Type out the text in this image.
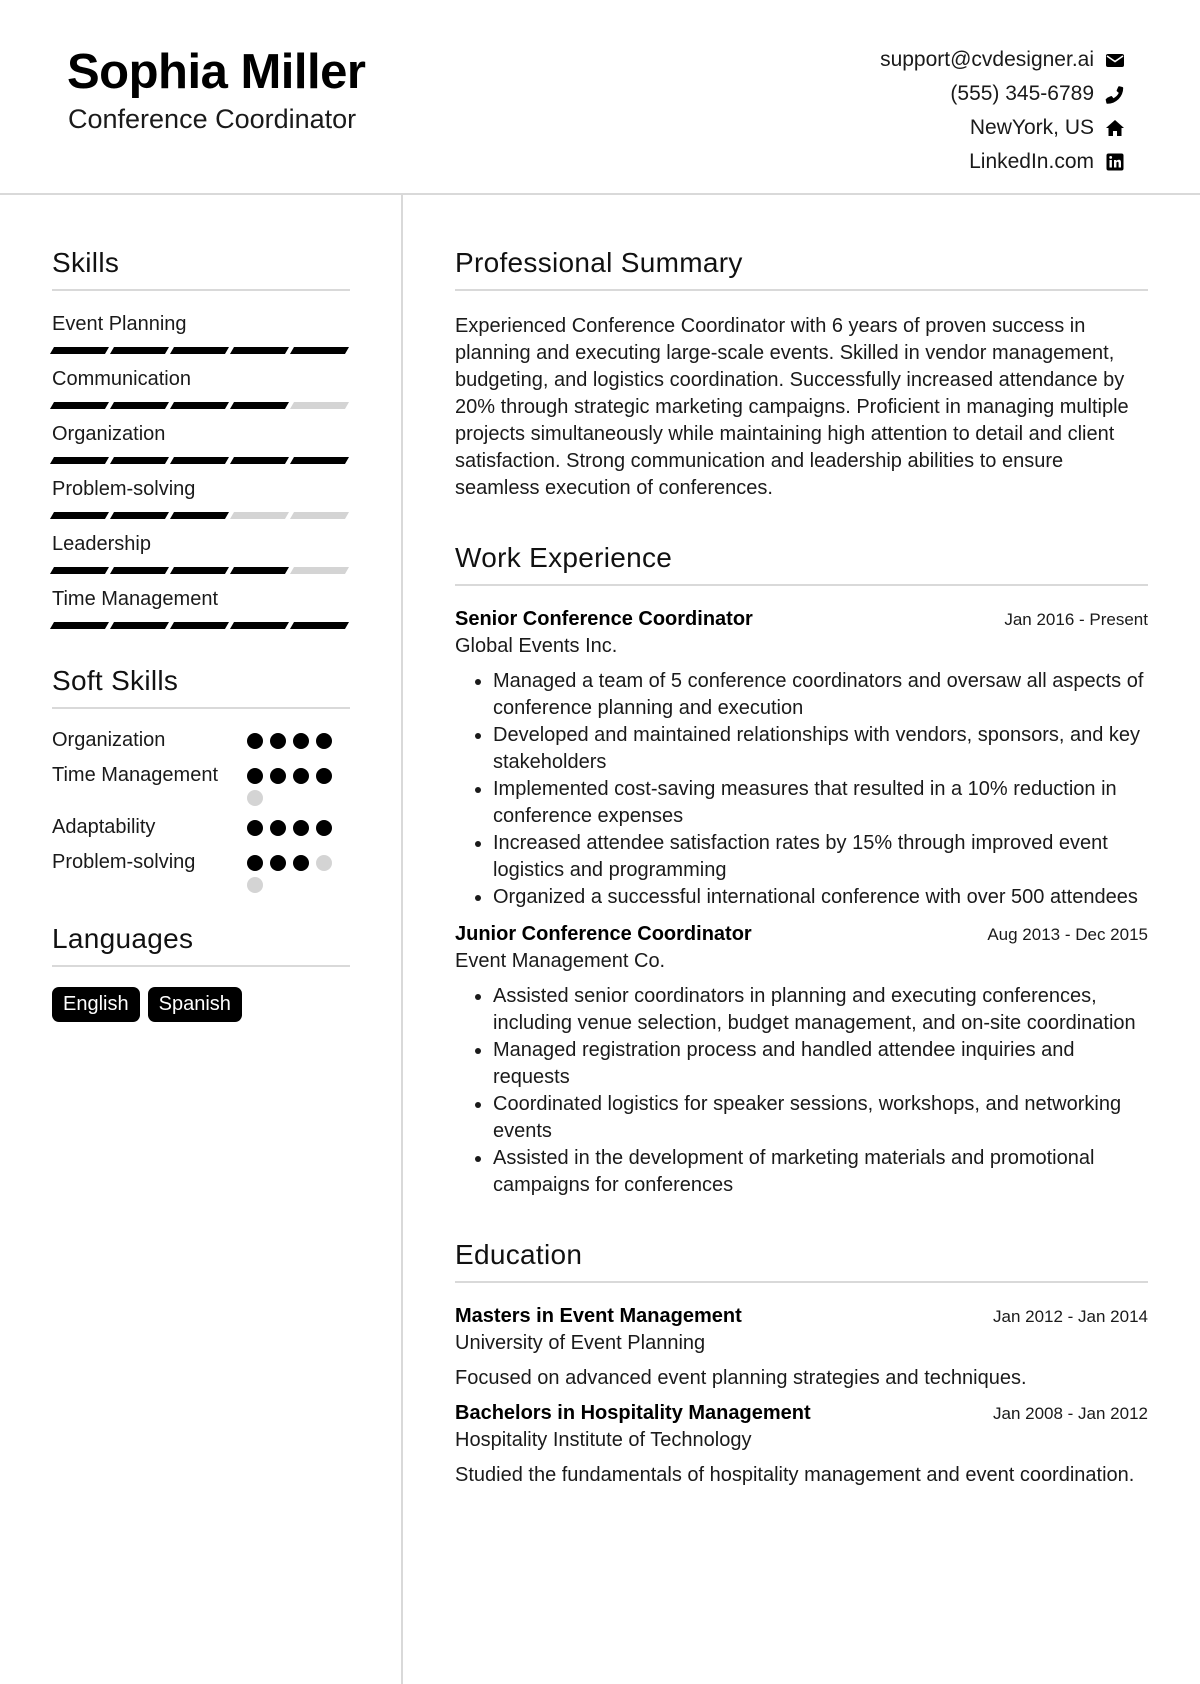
Sophia Miller
Conference Coordinator
support@cvdesigner.ai
(555) 345-6789
NewYork, US
LinkedIn.com
Skills
Event Planning
Communication
Organization
Problem-solving
Leadership
Time Management
Soft Skills
Organization
Time Management
Adaptability
Problem-solving
Languages
English	Spanish
Professional Summary
Experienced Conference Coordinator with 6 years of proven success in planning and executing large-scale events. Skilled in vendor management, budgeting, and logistics coordination. Successfully increased attendance by 20% through strategic marketing campaigns. Proficient in managing multiple projects simultaneously while maintaining high attention to detail and client satisfaction. Strong communication and leadership abilities to ensure seamless execution of conferences.
Work Experience
Senior Conference Coordinator	Jan 2016 - Present
Global Events Inc.
• Managed a team of 5 conference coordinators and oversaw all aspects of conference planning and execution
• Developed and maintained relationships with vendors, sponsors, and key stakeholders
• Implemented cost-saving measures that resulted in a 10% reduction in conference expenses
• Increased attendee satisfaction rates by 15% through improved event logistics and programming
• Organized a successful international conference with over 500 attendees
Junior Conference Coordinator	Aug 2013 - Dec 2015
Event Management Co.
• Assisted senior coordinators in planning and executing conferences, including venue selection, budget management, and on-site coordination
• Managed registration process and handled attendee inquiries and requests
• Coordinated logistics for speaker sessions, workshops, and networking events
• Assisted in the development of marketing materials and promotional campaigns for conferences
Education
Masters in Event Management	Jan 2012 - Jan 2014
University of Event Planning
Focused on advanced event planning strategies and techniques.
Bachelors in Hospitality Management	Jan 2008 - Jan 2012
Hospitality Institute of Technology
Studied the fundamentals of hospitality management and event coordination.
